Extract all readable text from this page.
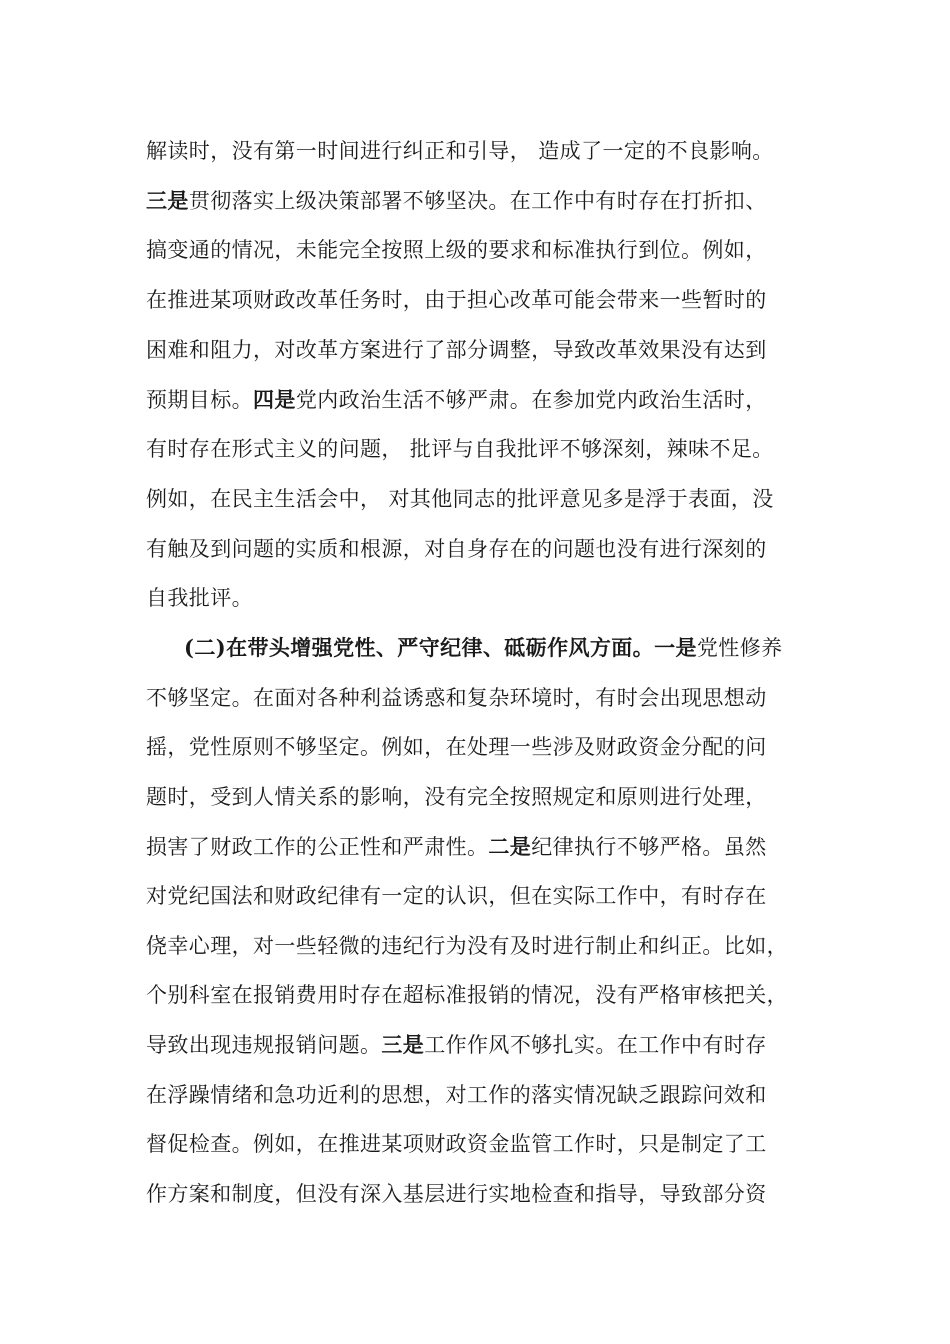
解读时，没有第一时间进行纠正和引导， 造成了一定的不良影响。
三是贯彻落实上级决策部署不够坚决。在工作中有时存在打折扣、
搞变通的情况，未能完全按照上级的要求和标准执行到位。例如，
在推进某项财政改革任务时，由于担心改革可能会带来一些暂时的
困难和阻力，对改革方案进行了部分调整，导致改革效果没有达到
预期目标。四是党内政治生活不够严肃。在参加党内政治生活时，
有时存在形式主义的问题， 批评与自我批评不够深刻，辣味不足。
例如，在民主生活会中， 对其他同志的批评意见多是浮于表面，没
有触及到问题的实质和根源，对自身存在的问题也没有进行深刻的
自我批评。
(二)在带头增强党性、严守纪律、砥砺作风方面。一是党性修养
不够坚定。在面对各种利益诱惑和复杂环境时，有时会出现思想动
摇，党性原则不够坚定。例如，在处理一些涉及财政资金分配的问
题时，受到人情关系的影响，没有完全按照规定和原则进行处理，
损害了财政工作的公正性和严肃性。二是纪律执行不够严格。虽然
对党纪国法和财政纪律有一定的认识，但在实际工作中，有时存在
侥幸心理，对一些轻微的违纪行为没有及时进行制止和纠正。比如，
个别科室在报销费用时存在超标准报销的情况，没有严格审核把关，
导致出现违规报销问题。三是工作作风不够扎实。在工作中有时存
在浮躁情绪和急功近利的思想，对工作的落实情况缺乏跟踪问效和
督促检查。例如，在推进某项财政资金监管工作时，只是制定了工
作方案和制度，但没有深入基层进行实地检查和指导，导致部分资
